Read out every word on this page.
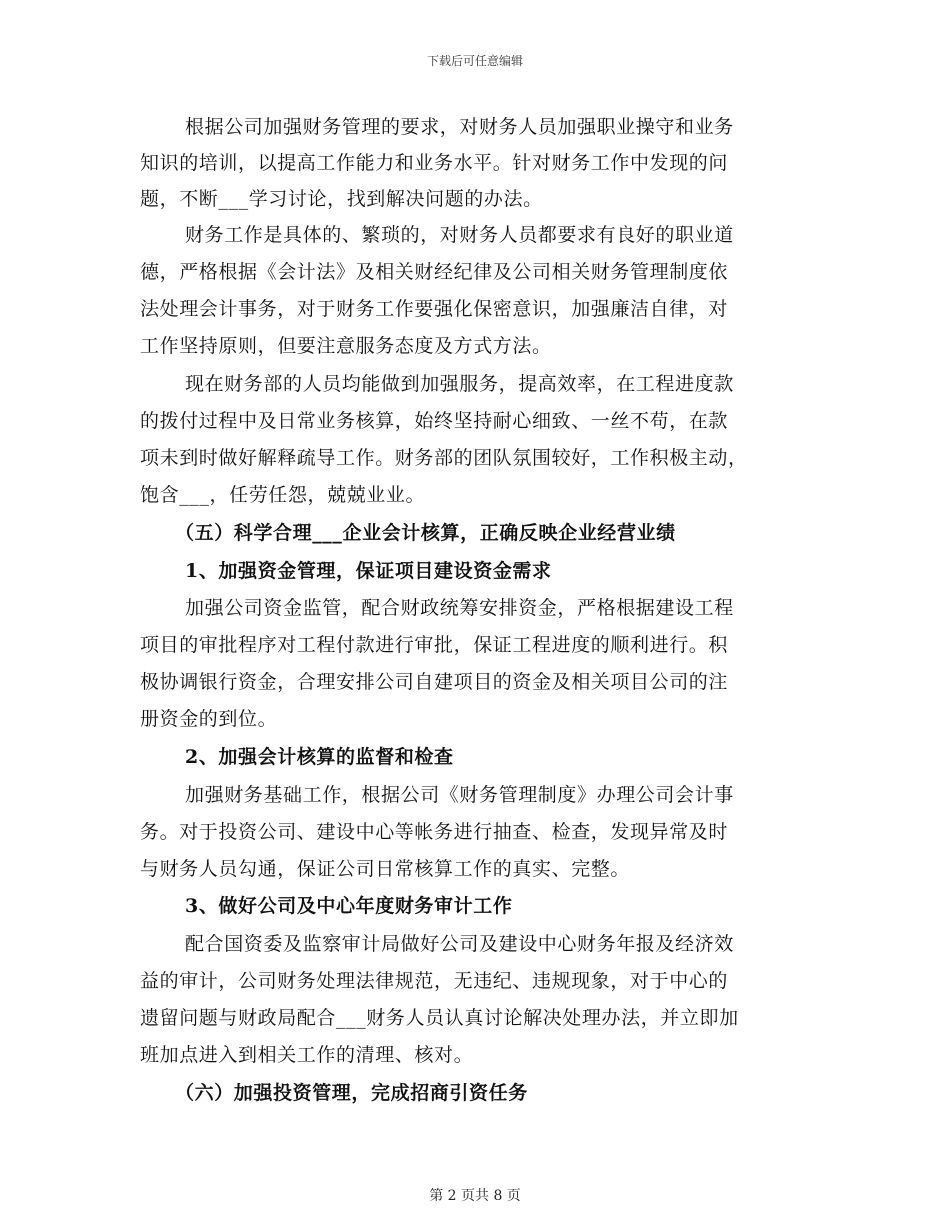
下载后可任意编辑
根据公司加强财务管理的要求，对财务人员加强职业操守和业务
知识的培训，以提高工作能力和业务水平。针对财务工作中发现的问
题，不断___学习讨论，找到解决问题的办法。
财务工作是具体的、繁琐的，对财务人员都要求有良好的职业道
德，严格根据《会计法》及相关财经纪律及公司相关财务管理制度依
法处理会计事务，对于财务工作要强化保密意识，加强廉洁自律，对
工作坚持原则，但要注意服务态度及方式方法。
现在财务部的人员均能做到加强服务，提高效率，在工程进度款
的拨付过程中及日常业务核算，始终坚持耐心细致、一丝不苟，在款
项未到时做好解释疏导工作。财务部的团队氛围较好，工作积极主动，
饱含___，任劳任怨，兢兢业业。
（五）科学合理___企业会计核算，正确反映企业经营业绩
1、加强资金管理，保证项目建设资金需求
加强公司资金监管，配合财政统筹安排资金，严格根据建设工程
项目的审批程序对工程付款进行审批，保证工程进度的顺利进行。积
极协调银行资金，合理安排公司自建项目的资金及相关项目公司的注
册资金的到位。
2、加强会计核算的监督和检查
加强财务基础工作，根据公司《财务管理制度》办理公司会计事
务。对于投资公司、建设中心等帐务进行抽查、检查，发现异常及时
与财务人员勾通，保证公司日常核算工作的真实、完整。
3、做好公司及中心年度财务审计工作
配合国资委及监察审计局做好公司及建设中心财务年报及经济效
益的审计，公司财务处理法律规范，无违纪、违规现象，对于中心的
遗留问题与财政局配合___财务人员认真讨论解决处理办法，并立即加
班加点进入到相关工作的清理、核对。
（六）加强投资管理，完成招商引资任务
第 2 页共 8 页
